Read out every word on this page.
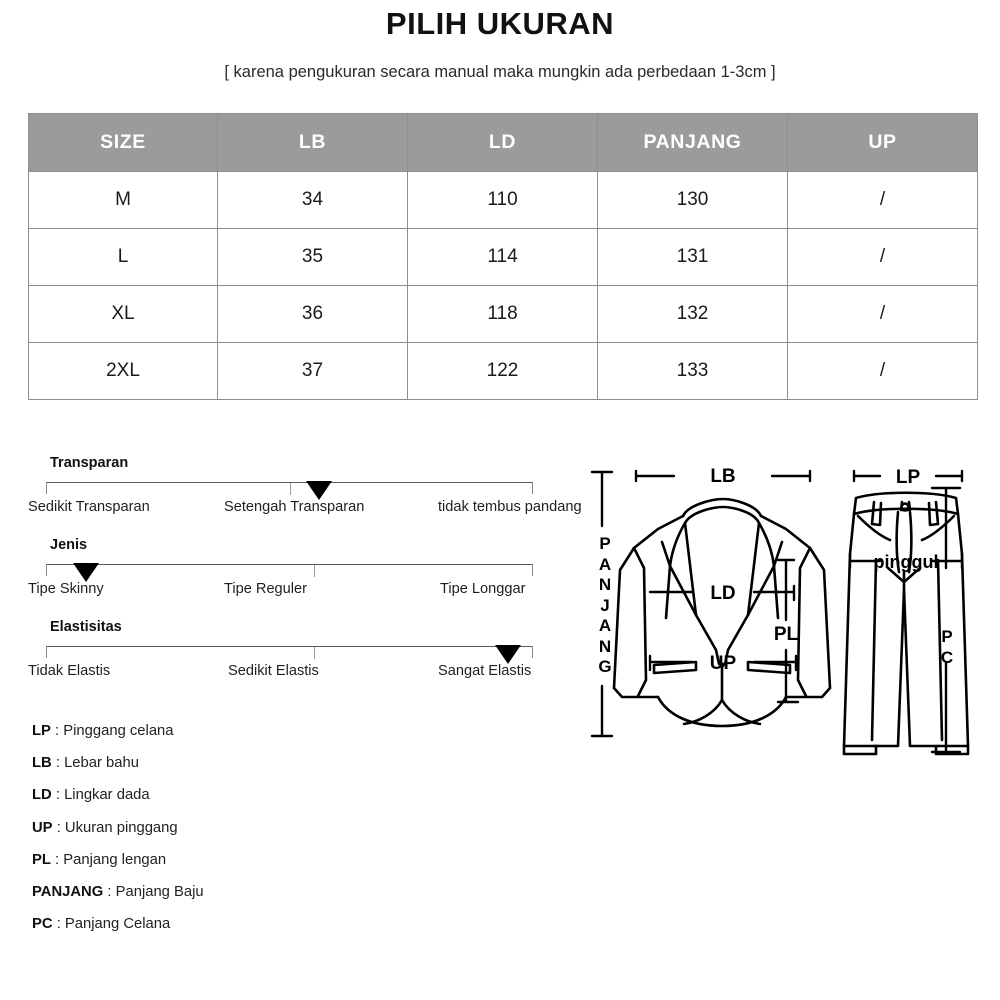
PILIH UKURAN
[ karena pengukuran secara manual maka mungkin ada perbedaan 1-3cm ]
SIZE	LB	LD	PANJANG	UP
M	34	110	130	/
L	35	114	131	/
XL	36	118	132	/
2XL	37	122	133	/
Transparan
Sedikit Transparan	Setengah Transparan	tidak tembus pandang
Jenis
Tipe Skinny	Tipe Reguler	Tipe Longgar
Elastisitas
Tidak Elastis	Sedikit Elastis	Sangat Elastis
LP : Pinggang celana
LB : Lebar bahu
LD : Lingkar dada
UP : Ukuran pinggang
PL : Panjang lengan
PANJANG : Panjang Baju
PC : Panjang Celana
LB
LD
PL
UP
LP
pinggul
P
A
N
J
A
N
G
P
C
